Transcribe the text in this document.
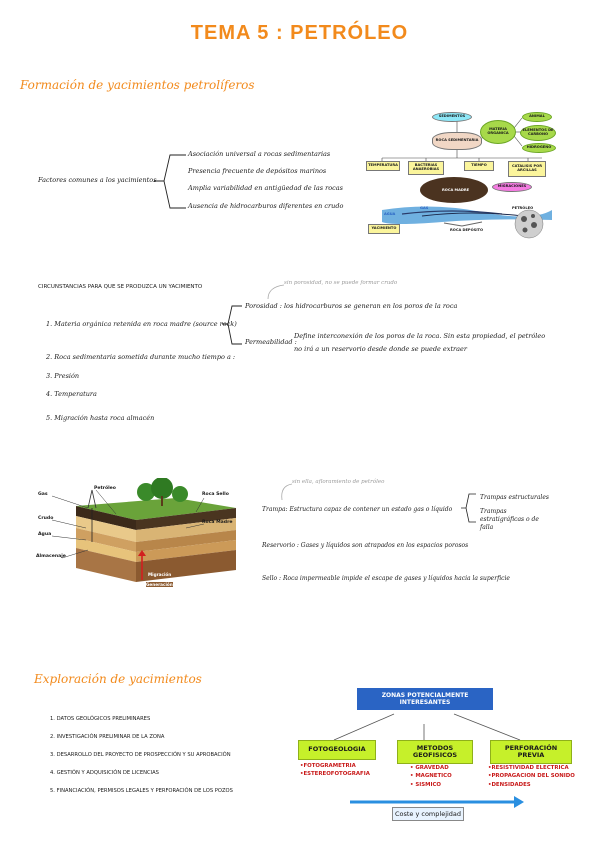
TEMA 5 : PETRÓLEO
Formación de yacimientos petrolíferos
Factores comunes a los yacimientos
Asociación universal a rocas sedimentarias
Presencia frecuente de depósitos marinos
Amplia variabilidad en antigüedad de las rocas
Ausencia de hidrocarburos diferentes en crudo
SEDIMENTOS
ROCA SEDIMENTARIA
MATERIA ORGANICA
ANIMAL
ELEMENTOS DE CARBONO
HIDROGENO
TEMPERATURA	BACTERIAS ANAEROBIAS
TIEMPO	CATALISIS POR ARCILLAS
ROCA MADRE
MIGRACIONES
AGUA
GAS	PETRÓLEO
YACIMIENTO	ROCA DEPÓSITO
CIRCUNSTANCIAS PARA QUE SE PRODUZCA UN YACIMIENTO
sin porosidad, no se puede formar crudo
1. Materia orgánica retenida en roca madre (source rock)
Porosidad : los hidrocarburos se generan en los poros de la roca
Permeabilidad :
Define interconexión de los poros de la roca. Sin esta propiedad, el petróleo
no irá a un reservorio desde donde se puede extraer
2. Roca sedimentaria sometida durante mucho tiempo a :
3. Presión
4. Temperatura
5. Migración hasta roca almacén
Gas
Petróleo
Crudo
Agua
Almacenaje
Roca Sello
Roca Madre
Migración
Generación
sin ella, afloramiento de petróleo
Trampa: Estructura capaz de contener un estado gas o líquido
Trampas estructurales
Trampas estratigráficas o de falla
Reservorio : Gases y líquidos son atrapados en los espacios porosos
Sello : Roca impermeable impide el escape de gases y líquidos hacia la superficie
Exploración de yacimientos
1. DATOS GEOLÓGICOS PRELIMINARES
2. INVESTIGACIÓN PRELIMINAR DE LA ZONA
3. DESARROLLO DEL PROYECTO DE PROSPECCIÓN Y SU APROBACIÓN
4. GESTIÓN Y ADQUISICIÓN DE LICENCIAS
5. FINANCIACIÓN, PERMISOS LEGALES Y PERFORACIÓN DE LOS POZOS
ZONAS POTENCIALMENTE INTERESANTES
FOTOGEOLOGIA	METODOS GEOFISICOS
PERFORACIÓN PREVIA
•FOTOGRAMETRIA
•ESTEREOFOTOGRAFIA
• GRAVEDAD
• MAGNETICO
• SISMICO
•RESISTIVIDAD ELECTRICA
•PROPAGACION DEL SONIDO
•DENSIDADES
Coste y complejidad
